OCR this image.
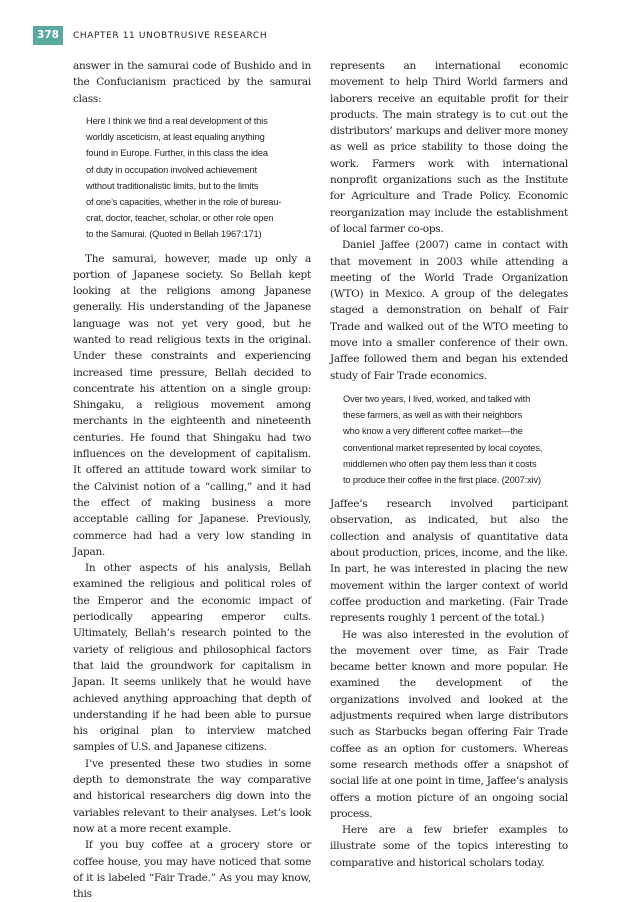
378	CHAPTER 11 UNOBTRUSIVE RESEARCH

answer in the samurai code of Bushido and in the Confucianism practiced by the samurai class:

Here I think we find a real development of this

worldly asceticism, at least equaling anything

found in Europe. Further, in this class the idea

of duty in occupation involved achievement

without traditionalistic limits, but to the limits

of one’s capacities, whether in the role of bureau-

crat, doctor, teacher, scholar, or other role open

to the Samurai. (Quoted in Bellah 1967:171)

The samurai, however, made up only a portion of Japanese society. So Bellah kept looking at the religions among Japanese generally. His understanding of the Japanese language was not yet very good, but he wanted to read religious texts in the original. Under these constraints and experiencing increased time pressure, Bellah decided to concentrate his attention on a single group: Shingaku, a religious movement among merchants in the eighteenth and nineteenth centuries. He found that Shingaku had two influences on the development of capitalism. It offered an attitude toward work similar to the Calvinist notion of a “calling,” and it had the effect of making business a more acceptable calling for Japanese. Previously, commerce had had a very low standing in Japan.

In other aspects of his analysis, Bellah examined the religious and political roles of the Emperor and the economic impact of periodically appearing emperor cults. Ultimately, Bellah’s research pointed to the variety of religious and philosophical factors that laid the groundwork for capitalism in Japan. It seems unlikely that he would have achieved anything approaching that depth of understanding if he had been able to pursue his original plan to interview matched samples of U.S. and Japanese citizens.

I’ve presented these two studies in some depth to demonstrate the way comparative and historical researchers dig down into the variables relevant to their analyses. Let’s look now at a more recent example.

If you buy coffee at a grocery store or coffee house, you may have noticed that some of it is labeled “Fair Trade.” As you may know, this

represents an international economic movement to help Third World farmers and laborers receive an equitable profit for their products. The main strategy is to cut out the distributors’ markups and deliver more money as well as price stability to those doing the work. Farmers work with international nonprofit organizations such as the Institute for Agriculture and Trade Policy. Economic reorganization may include the establishment of local farmer co-ops.

Daniel Jaffee (2007) came in contact with that movement in 2003 while attending a meeting of the World Trade Organization (WTO) in Mexico. A group of the delegates staged a demonstration on behalf of Fair Trade and walked out of the WTO meeting to move into a smaller conference of their own. Jaffee followed them and began his extended study of Fair Trade economics.

Over two years, I lived, worked, and talked with

these farmers, as well as with their neighbors

who know a very different coffee market—the

conventional market represented by local coyotes,

middlemen who often pay them less than it costs

to produce their coffee in the first place. (2007:xiv)

Jaffee’s research involved participant observation, as indicated, but also the collection and analysis of quantitative data about production, prices, income, and the like. In part, he was interested in placing the new movement within the larger context of world coffee production and marketing. (Fair Trade represents roughly 1 percent of the total.)

He was also interested in the evolution of the movement over time, as Fair Trade became better known and more popular. He examined the development of the organizations involved and looked at the adjustments required when large distributors such as Starbucks began offering Fair Trade coffee as an option for customers. Whereas some research methods offer a snapshot of social life at one point in time, Jaffee’s analysis offers a motion picture of an ongoing social process.

Here are a few briefer examples to illustrate some of the topics interesting to comparative and historical scholars today.
